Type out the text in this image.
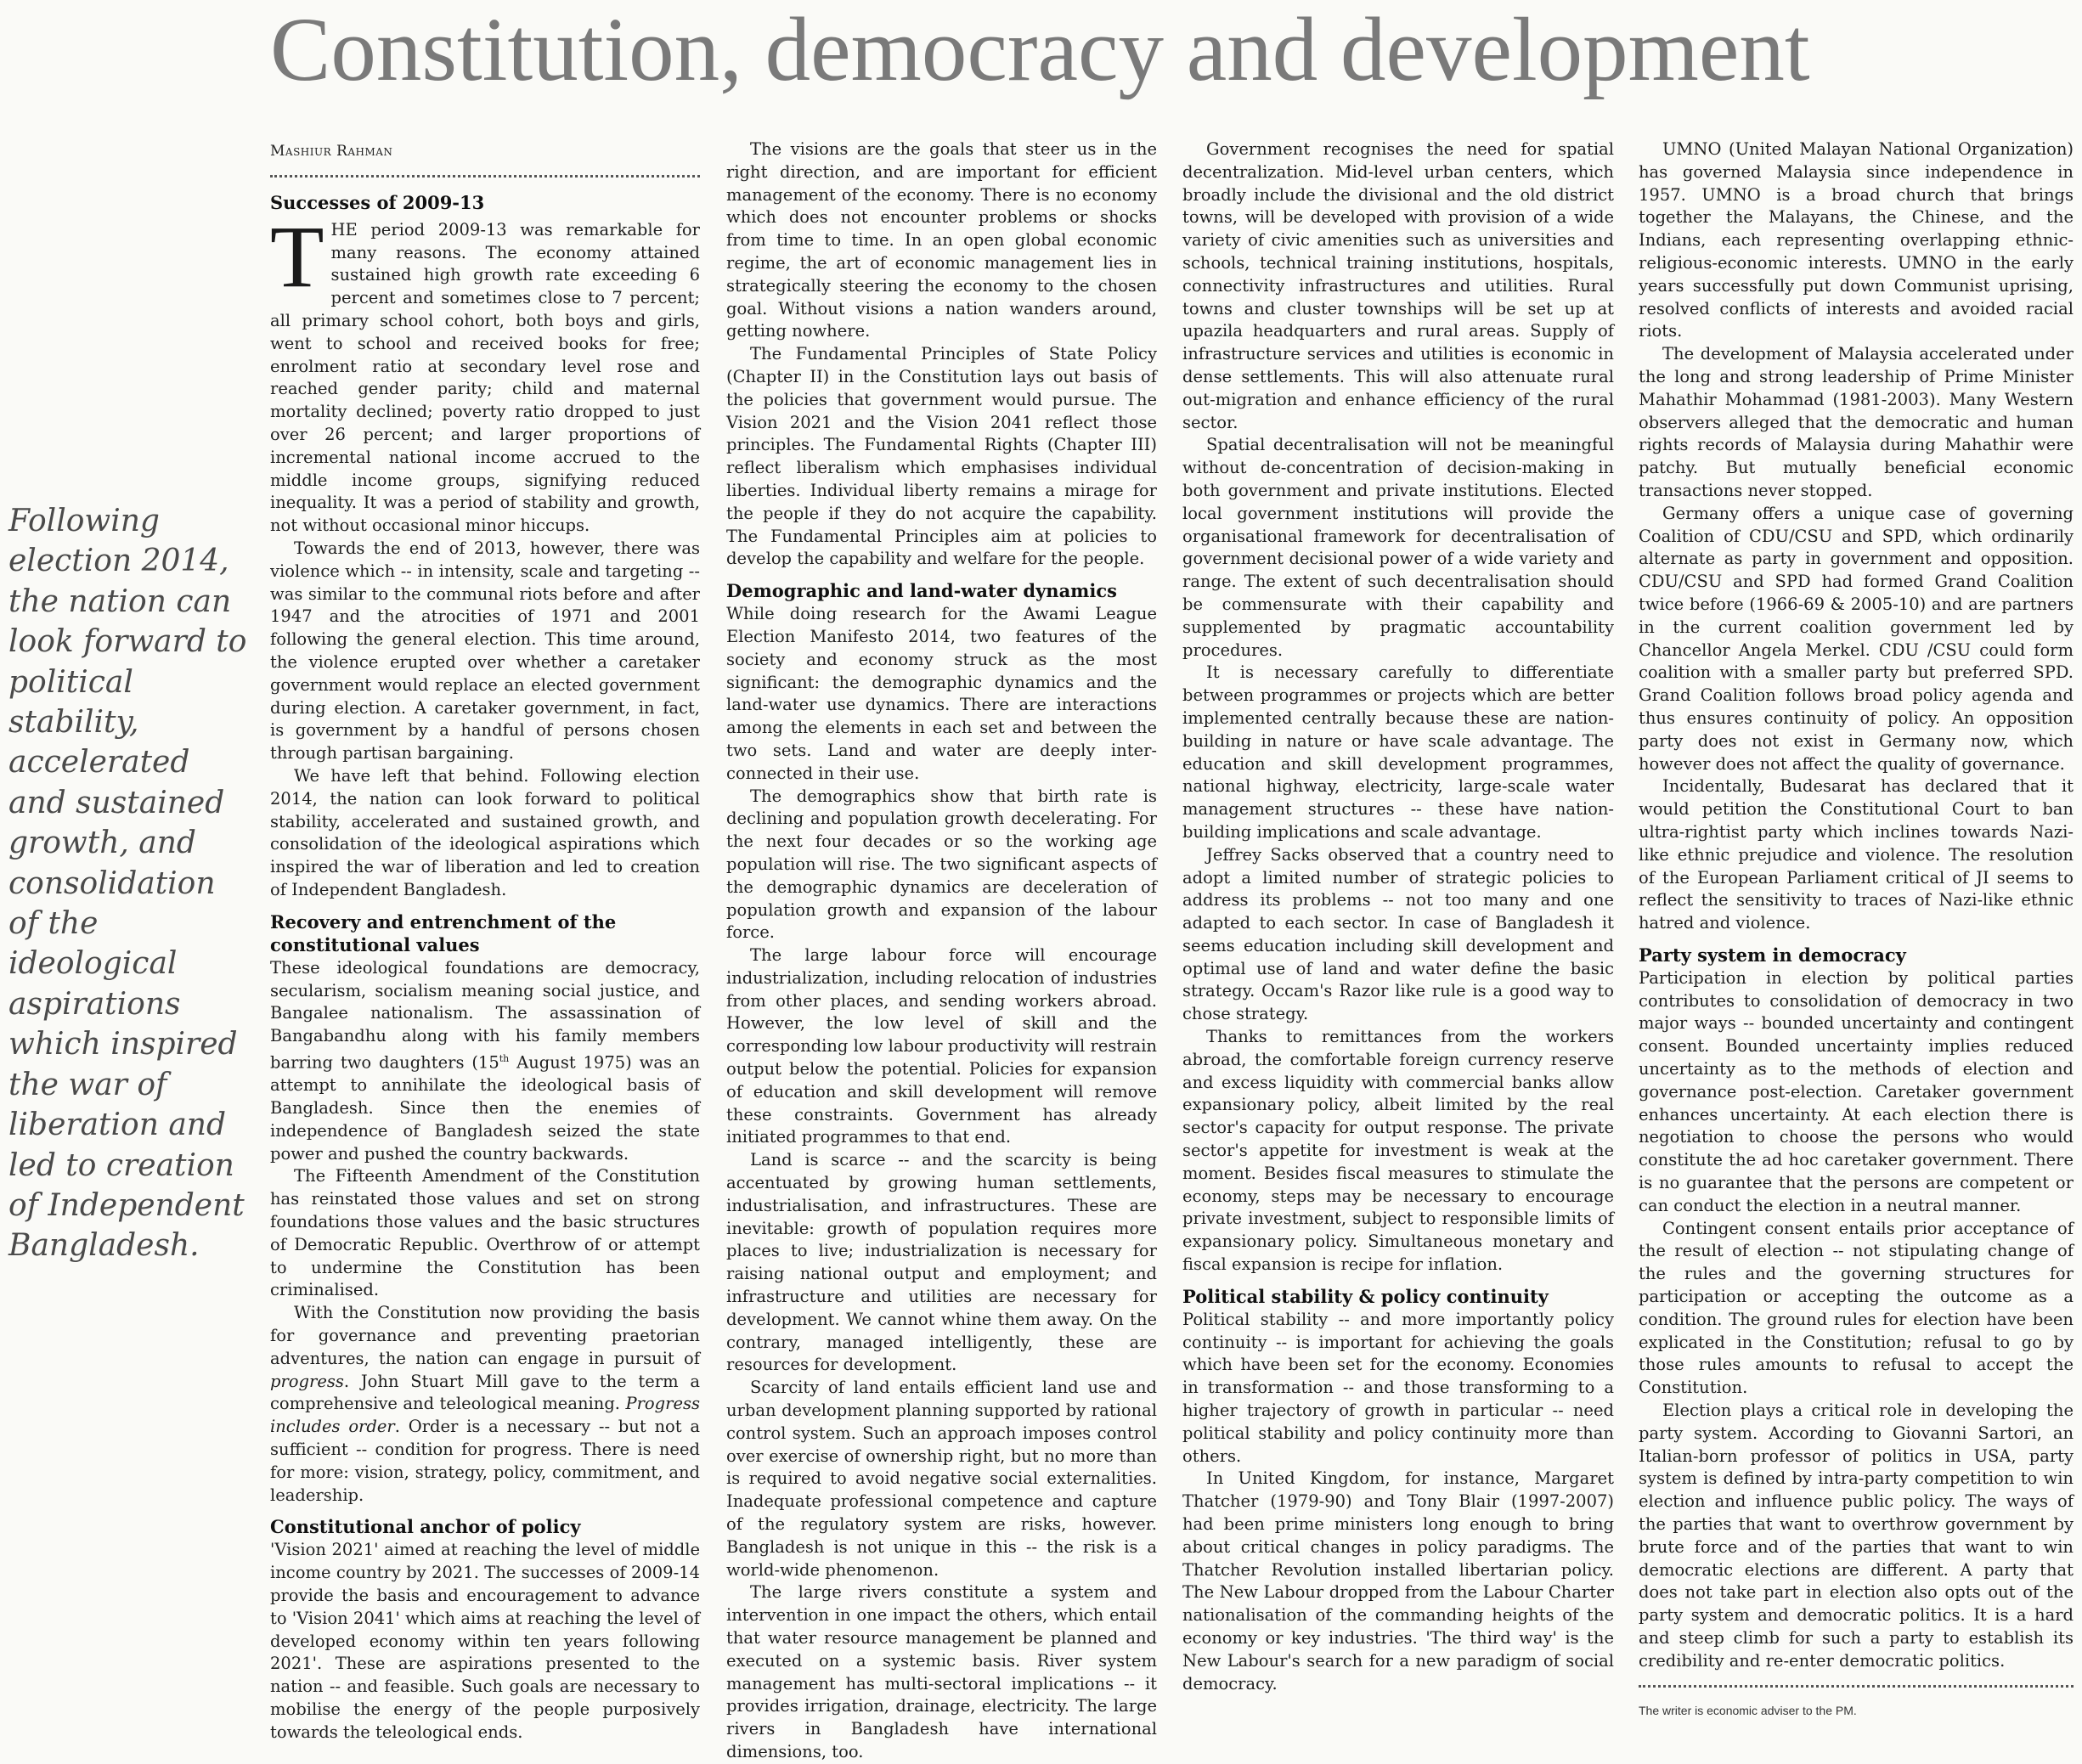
Constitution, democracy and development

Following election 2014, the nation can look forward to political stability, accelerated and sustained growth, and consolidation of the ideological aspirations which inspired the war of liberation and led to creation of Independent Bangladesh.

Mashiur Rahman

Successes of 2009-13

THE period 2009-13 was remarkable for many reasons. The economy attained sustained high growth rate exceeding 6 percent and sometimes close to 7 percent; all primary school cohort, both boys and girls, went to school and received books for free; enrolment ratio at secondary level rose and reached gender parity; child and maternal mortality declined; poverty ratio dropped to just over 26 percent; and larger proportions of incremental national income accrued to the middle income groups, signifying reduced inequality. It was a period of stability and growth, not without occasional minor hiccups.

Towards the end of 2013, however, there was violence which -- in intensity, scale and targeting -- was similar to the communal riots before and after 1947 and the atrocities of 1971 and 2001 following the general election. This time around, the violence erupted over whether a caretaker government would replace an elected government during election. A caretaker government, in fact, is government by a handful of persons chosen through partisan bargaining.

We have left that behind. Following election 2014, the nation can look forward to political stability, accelerated and sustained growth, and consolidation of the ideological aspirations which inspired the war of liberation and led to creation of Independent Bangladesh.

Recovery and entrenchment of the constitutional values

These ideological foundations are democracy, secularism, socialism meaning social justice, and Bangalee nationalism. The assassination of Bangabandhu along with his family members barring two daughters (15th August 1975) was an attempt to annihilate the ideological basis of Bangladesh. Since then the enemies of independence of Bangladesh seized the state power and pushed the country backwards.

The Fifteenth Amendment of the Constitution has reinstated those values and set on strong foundations those values and the basic structures of Democratic Republic. Overthrow of or attempt to undermine the Constitution has been criminalised.

With the Constitution now providing the basis for governance and preventing praetorian adventures, the nation can engage in pursuit of progress. John Stuart Mill gave to the term a comprehensive and teleological meaning. Progress includes order. Order is a necessary -- but not a sufficient -- condition for progress. There is need for more: vision, strategy, policy, commitment, and leadership.

Constitutional anchor of policy

'Vision 2021' aimed at reaching the level of middle income country by 2021. The successes of 2009-14 provide the basis and encouragement to advance to 'Vision 2041' which aims at reaching the level of developed economy within ten years following 2021'. These are aspirations presented to the nation -- and feasible. Such goals are necessary to mobilise the energy of the people purposively towards the teleological ends.

The visions are the goals that steer us in the right direction, and are important for efficient management of the economy. There is no economy which does not encounter problems or shocks from time to time. In an open global economic regime, the art of economic management lies in strategically steering the economy to the chosen goal. Without visions a nation wanders around, getting nowhere.

The Fundamental Principles of State Policy (Chapter II) in the Constitution lays out basis of the policies that government would pursue. The Vision 2021 and the Vision 2041 reflect those principles. The Fundamental Rights (Chapter III) reflect liberalism which emphasises individual liberties. Individual liberty remains a mirage for the people if they do not acquire the capability. The Fundamental Principles aim at policies to develop the capability and welfare for the people.

Demographic and land-water dynamics

While doing research for the Awami League Election Manifesto 2014, two features of the society and economy struck as the most significant: the demographic dynamics and the land-water use dynamics. There are interactions among the elements in each set and between the two sets. Land and water are deeply inter-connected in their use.

The demographics show that birth rate is declining and population growth decelerating. For the next four decades or so the working age population will rise. The two significant aspects of the demographic dynamics are deceleration of population growth and expansion of the labour force.

The large labour force will encourage industrialization, including relocation of industries from other places, and sending workers abroad. However, the low level of skill and the corresponding low labour productivity will restrain output below the potential. Policies for expansion of education and skill development will remove these constraints. Government has already initiated programmes to that end.

Land is scarce -- and the scarcity is being accentuated by growing human settlements, industrialisation, and infrastructures. These are inevitable: growth of population requires more places to live; industrialization is necessary for raising national output and employment; and infrastructure and utilities are necessary for development. We cannot whine them away. On the contrary, managed intelligently, these are resources for development.

Scarcity of land entails efficient land use and urban development planning supported by rational control system. Such an approach imposes control over exercise of ownership right, but no more than is required to avoid negative social externalities. Inadequate professional competence and capture of the regulatory system are risks, however. Bangladesh is not unique in this -- the risk is a world-wide phenomenon.

The large rivers constitute a system and intervention in one impact the others, which entail that water resource management be planned and executed on a systemic basis. River system management has multi-sectoral implications -- it provides irrigation, drainage, electricity. The large rivers in Bangladesh have international dimensions, too.

Government recognises the need for spatial decentralization. Mid-level urban centers, which broadly include the divisional and the old district towns, will be developed with provision of a wide variety of civic amenities such as universities and schools, technical training institutions, hospitals, connectivity infrastructures and utilities. Rural towns and cluster townships will be set up at upazila headquarters and rural areas. Supply of infrastructure services and utilities is economic in dense settlements. This will also attenuate rural out-migration and enhance efficiency of the rural sector.

Spatial decentralisation will not be meaningful without de-concentration of decision-making in both government and private institutions. Elected local government institutions will provide the organisational framework for decentralisation of government decisional power of a wide variety and range. The extent of such decentralisation should be commensurate with their capability and supplemented by pragmatic accountability procedures.

It is necessary carefully to differentiate between programmes or projects which are better implemented centrally because these are nation-building in nature or have scale advantage. The education and skill development programmes, national highway, electricity, large-scale water management structures -- these have nation-building implications and scale advantage.

Jeffrey Sacks observed that a country need to adopt a limited number of strategic policies to address its problems -- not too many and one adapted to each sector. In case of Bangladesh it seems education including skill development and optimal use of land and water define the basic strategy. Occam's Razor like rule is a good way to chose strategy.

Thanks to remittances from the workers abroad, the comfortable foreign currency reserve and excess liquidity with commercial banks allow expansionary policy, albeit limited by the real sector's capacity for output response. The private sector's appetite for investment is weak at the moment. Besides fiscal measures to stimulate the economy, steps may be necessary to encourage private investment, subject to responsible limits of expansionary policy. Simultaneous monetary and fiscal expansion is recipe for inflation.

Political stability & policy continuity

Political stability -- and more importantly policy continuity -- is important for achieving the goals which have been set for the economy. Economies in transformation -- and those transforming to a higher trajectory of growth in particular -- need political stability and policy continuity more than others.

In United Kingdom, for instance, Margaret Thatcher (1979-90) and Tony Blair (1997-2007) had been prime ministers long enough to bring about critical changes in policy paradigms. The Thatcher Revolution installed libertarian policy. The New Labour dropped from the Labour Charter nationalisation of the commanding heights of the economy or key industries. 'The third way' is the New Labour's search for a new paradigm of social democracy.

UMNO (United Malayan National Organization) has governed Malaysia since independence in 1957. UMNO is a broad church that brings together the Malayans, the Chinese, and the Indians, each representing overlapping ethnic-religious-economic interests. UMNO in the early years successfully put down Communist uprising, resolved conflicts of interests and avoided racial riots.

The development of Malaysia accelerated under the long and strong leadership of Prime Minister Mahathir Mohammad (1981-2003). Many Western observers alleged that the democratic and human rights records of Malaysia during Mahathir were patchy. But mutually beneficial economic transactions never stopped.

Germany offers a unique case of governing Coalition of CDU/CSU and SPD, which ordinarily alternate as party in government and opposition. CDU/CSU and SPD had formed Grand Coalition twice before (1966-69 & 2005-10) and are partners in the current coalition government led by Chancellor Angela Merkel. CDU /CSU could form coalition with a smaller party but preferred SPD. Grand Coalition follows broad policy agenda and thus ensures continuity of policy. An opposition party does not exist in Germany now, which however does not affect the quality of governance.

Incidentally, Budesarat has declared that it would petition the Constitutional Court to ban ultra-rightist party which inclines towards Nazi-like ethnic prejudice and violence. The resolution of the European Parliament critical of JI seems to reflect the sensitivity to traces of Nazi-like ethnic hatred and violence.

Party system in democracy

Participation in election by political parties contributes to consolidation of democracy in two major ways -- bounded uncertainty and contingent consent. Bounded uncertainty implies reduced uncertainty as to the methods of election and governance post-election. Caretaker government enhances uncertainty. At each election there is negotiation to choose the persons who would constitute the ad hoc caretaker government. There is no guarantee that the persons are competent or can conduct the election in a neutral manner.

Contingent consent entails prior acceptance of the result of election -- not stipulating change of the rules and the governing structures for participation or accepting the outcome as a condition. The ground rules for election have been explicated in the Constitution; refusal to go by those rules amounts to refusal to accept the Constitution.

Election plays a critical role in developing the party system. According to Giovanni Sartori, an Italian-born professor of politics in USA, party system is defined by intra-party competition to win election and influence public policy. The ways of the parties that want to overthrow government by brute force and of the parties that want to win democratic elections are different. A party that does not take part in election also opts out of the party system and democratic politics. It is a hard and steep climb for such a party to establish its credibility and re-enter democratic politics.

The writer is economic adviser to the PM.
